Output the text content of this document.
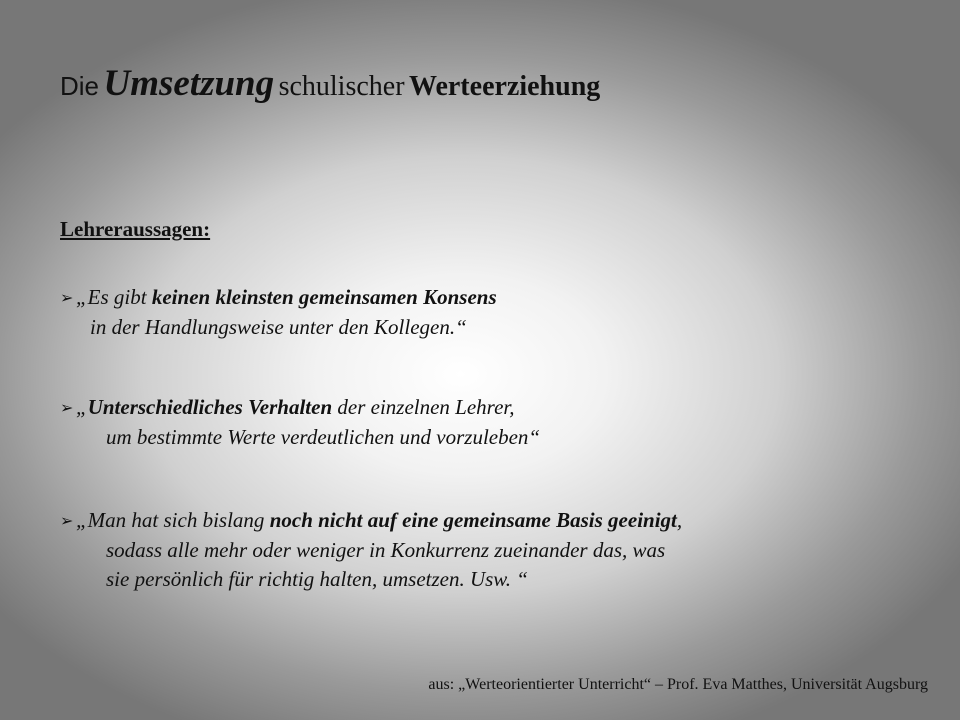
Die Umsetzung schulischer Werteerziehung
Lehreraussagen:
➢ „Es gibt keinen kleinsten gemeinsamen Konsens
in der Handlungsweise unter den Kollegen.“
➢ „Unterschiedliches Verhalten der einzelnen Lehrer,
um bestimmte Werte verdeutlichen und vorzuleben“
➢ „Man hat sich bislang noch nicht auf eine gemeinsame Basis geeinigt,
sodass alle mehr oder weniger in Konkurrenz zueinander das, was
sie persönlich für richtig halten, umsetzen. Usw. “
aus: „Werteorientierter Unterricht“ – Prof. Eva Matthes, Universität Augsburg
